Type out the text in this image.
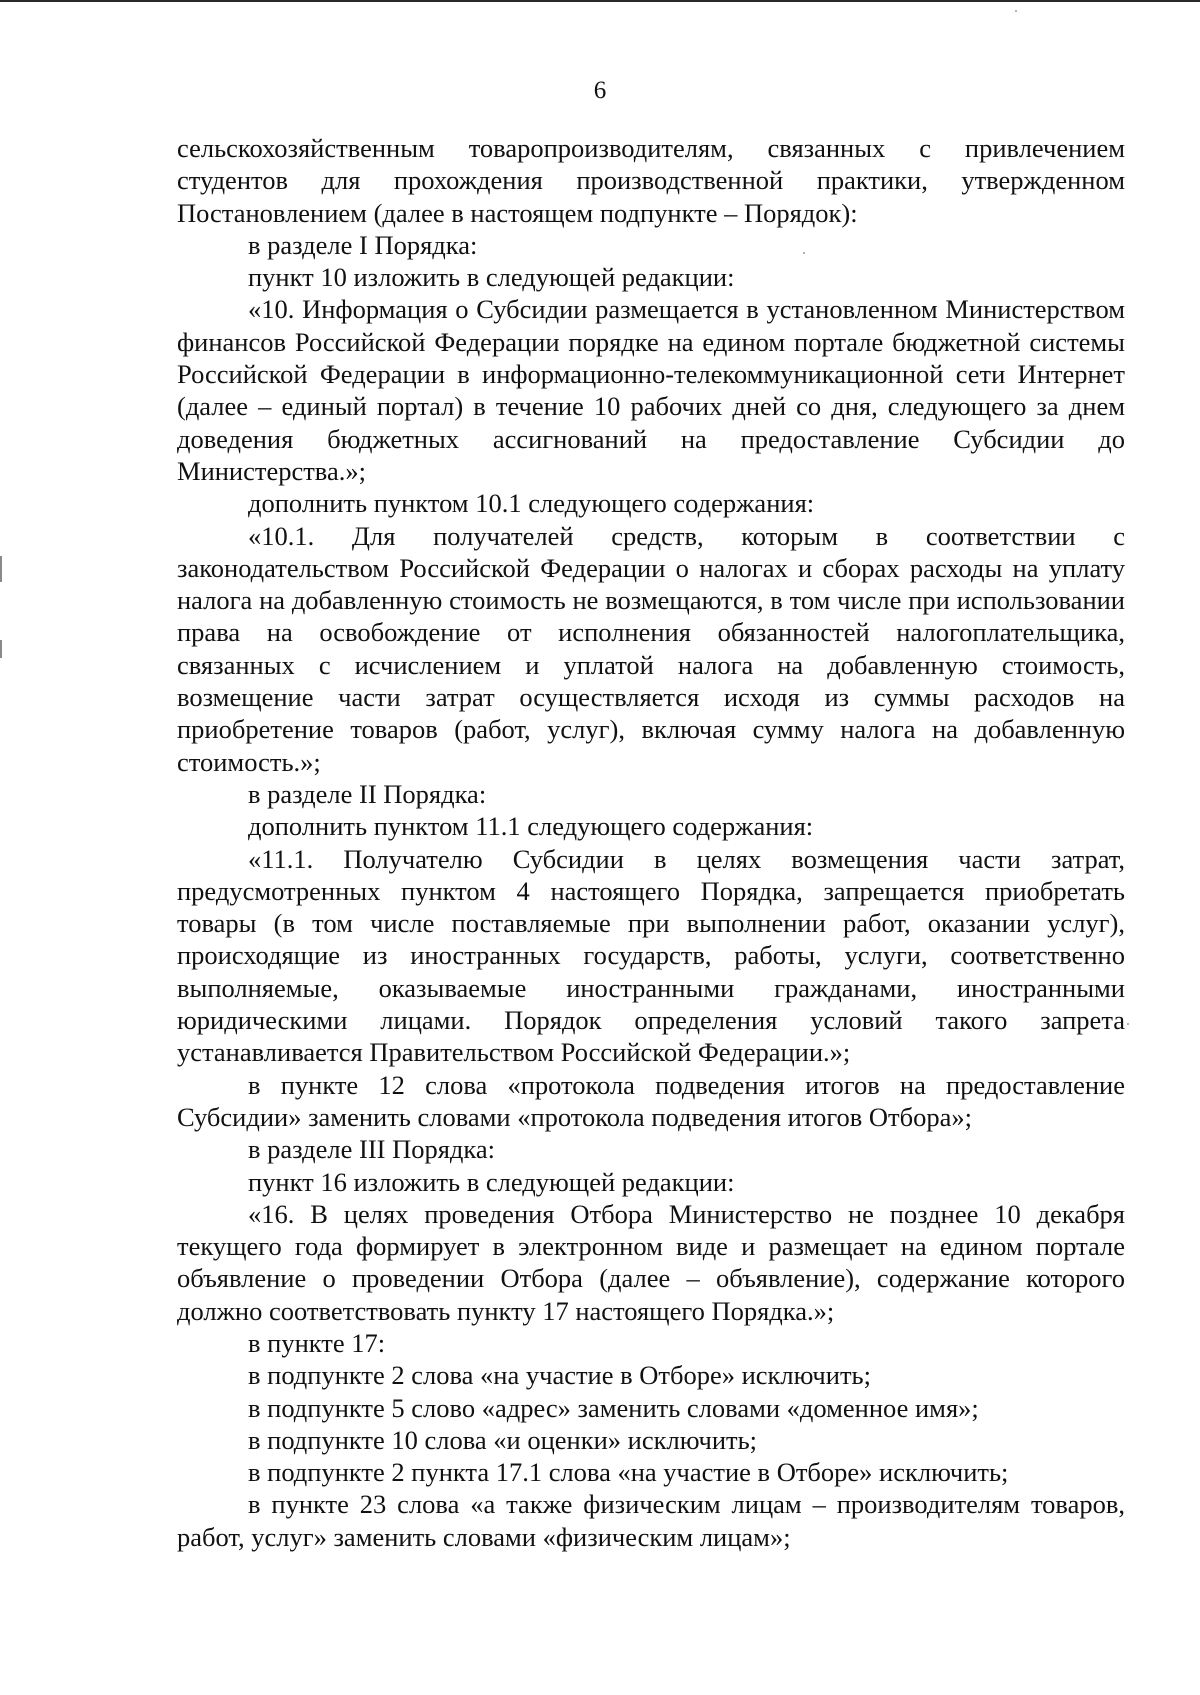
6

сельскохозяйственным товаропроизводителям, связанных с привлечением студентов для прохождения производственной практики, утвержденном Постановлением (далее в настоящем подпункте – Порядок):

в разделе I Порядка:

пункт 10 изложить в следующей редакции:

«10. Информация о Субсидии размещается в установленном Министерством финансов Российской Федерации порядке на едином портале бюджетной системы Российской Федерации в информационно-телекоммуникационной сети Интернет (далее – единый портал) в течение 10 рабочих дней со дня, следующего за днем доведения бюджетных ассигнований на предоставление Субсидии до Министерства.»;

дополнить пунктом 10.1 следующего содержания:

«10.1. Для получателей средств, которым в соответствии с законодательством Российской Федерации о налогах и сборах расходы на уплату налога на добавленную стоимость не возмещаются, в том числе при использовании права на освобождение от исполнения обязанностей налогоплательщика, связанных с исчислением и уплатой налога на добавленную стоимость, возмещение части затрат осуществляется исходя из суммы расходов на приобретение товаров (работ, услуг), включая сумму налога на добавленную стоимость.»;

в разделе II Порядка:

дополнить пунктом 11.1 следующего содержания:

«11.1. Получателю Субсидии в целях возмещения части затрат, предусмотренных пунктом 4 настоящего Порядка, запрещается приобретать товары (в том числе поставляемые при выполнении работ, оказании услуг), происходящие из иностранных государств, работы, услуги, соответственно выполняемые, оказываемые иностранными гражданами, иностранными юридическими лицами. Порядок определения условий такого запрета устанавливается Правительством Российской Федерации.»;

в пункте 12 слова «протокола подведения итогов на предоставление Субсидии» заменить словами «протокола подведения итогов Отбора»;

в разделе III Порядка:

пункт 16 изложить в следующей редакции:

«16. В целях проведения Отбора Министерство не позднее 10 декабря текущего года формирует в электронном виде и размещает на едином портале объявление о проведении Отбора (далее – объявление), содержание которого должно соответствовать пункту 17 настоящего Порядка.»;

в пункте 17:

в подпункте 2 слова «на участие в Отборе» исключить;

в подпункте 5 слово «адрес» заменить словами «доменное имя»;

в подпункте 10 слова «и оценки» исключить;

в подпункте 2 пункта 17.1 слова «на участие в Отборе» исключить;

в пункте 23 слова «а также физическим лицам – производителям товаров, работ, услуг» заменить словами «физическим лицам»;
